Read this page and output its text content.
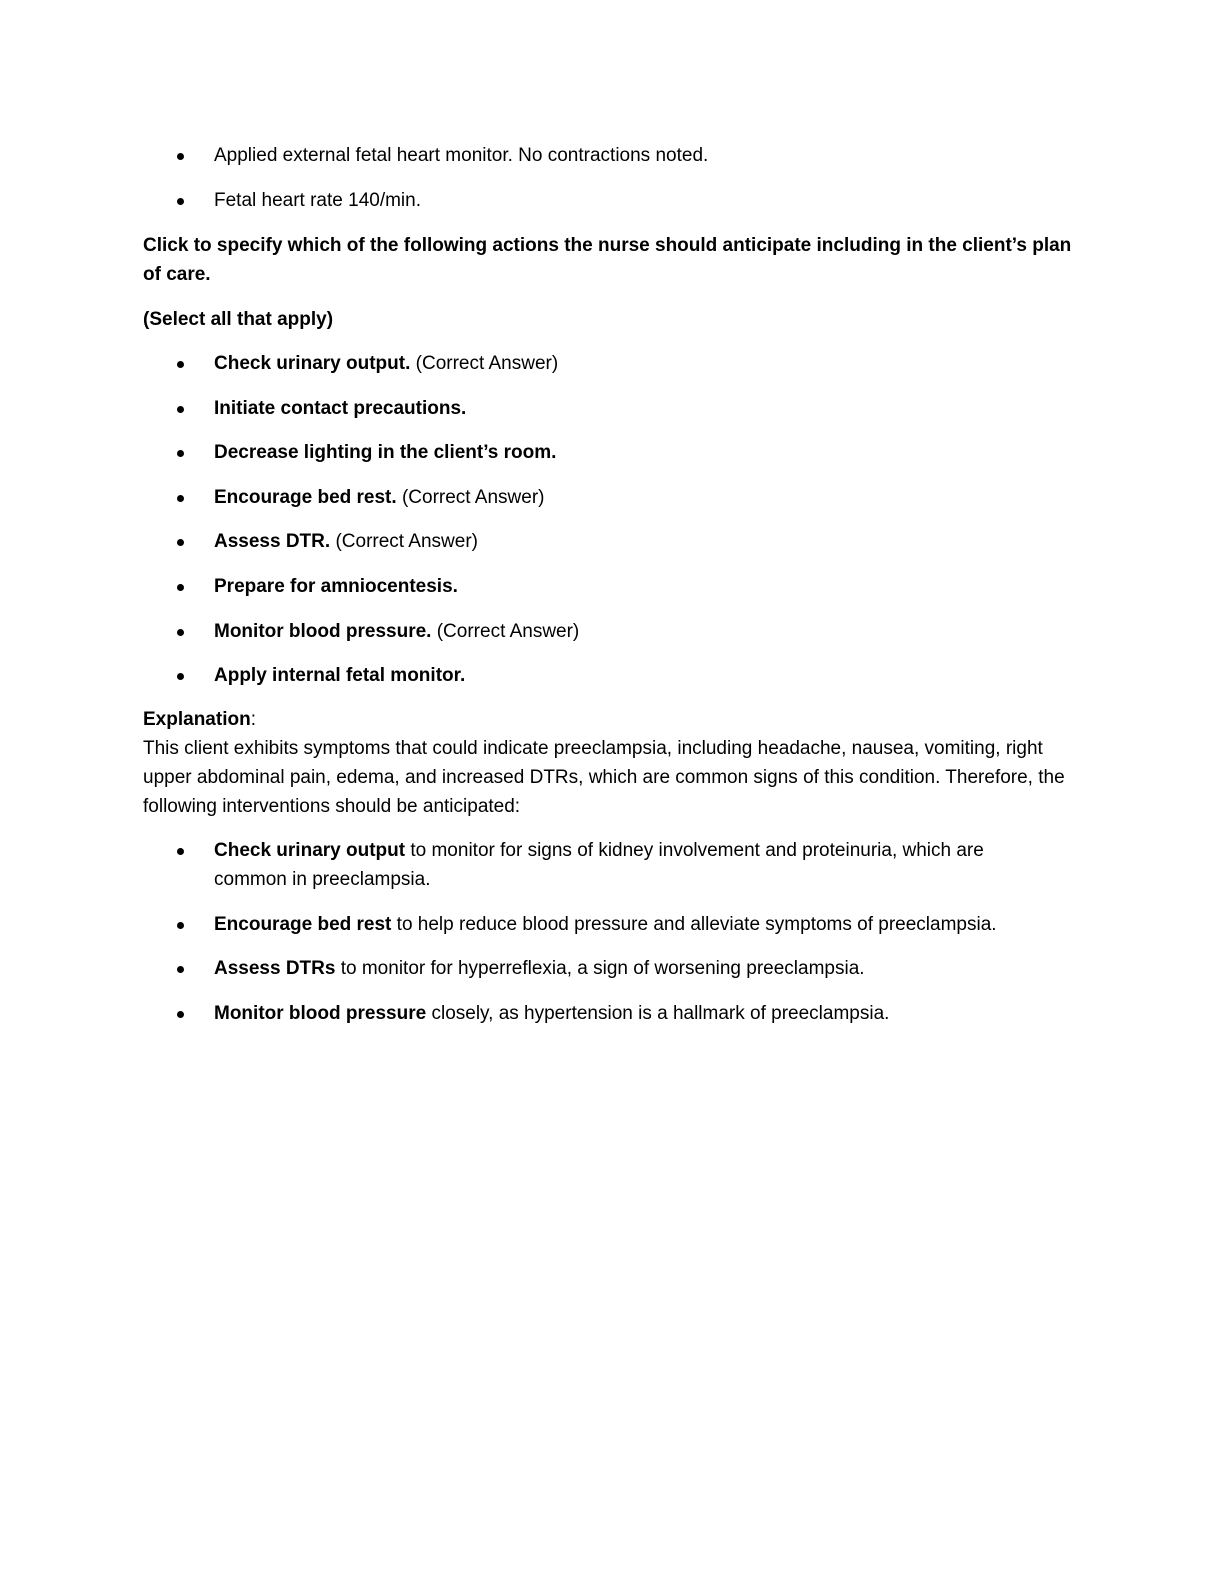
Applied external fetal heart monitor. No contractions noted.
Fetal heart rate 140/min.

Click to specify which of the following actions the nurse should anticipate including in the client’s plan of care.

(Select all that apply)

Check urinary output. (Correct Answer)
Initiate contact precautions.
Decrease lighting in the client’s room.
Encourage bed rest. (Correct Answer)
Assess DTR. (Correct Answer)
Prepare for amniocentesis.
Monitor blood pressure. (Correct Answer)
Apply internal fetal monitor.

Explanation:

This client exhibits symptoms that could indicate preeclampsia, including headache, nausea, vomiting, right upper abdominal pain, edema, and increased DTRs, which are common signs of this condition. Therefore, the following interventions should be anticipated:

Check urinary output to monitor for signs of kidney involvement and proteinuria, which are common in preeclampsia.
Encourage bed rest to help reduce blood pressure and alleviate symptoms of preeclampsia.
Assess DTRs to monitor for hyperreflexia, a sign of worsening preeclampsia.
Monitor blood pressure closely, as hypertension is a hallmark of preeclampsia.
